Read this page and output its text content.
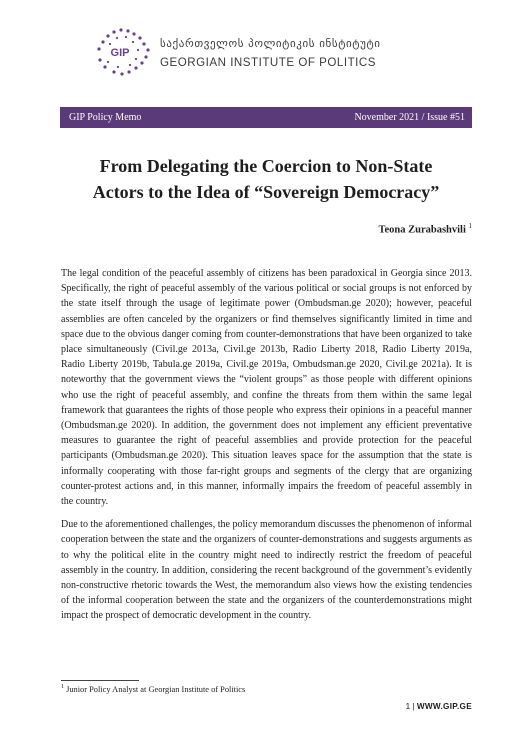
GIP
საქართველოს პოლიტიკის ინსტიტუტი
GEORGIAN INSTITUTE OF POLITICS
GIP Policy Memo	November 2021 / Issue #51
From Delegating the Coercion to Non-State
Actors to the Idea of “Sovereign Democracy”
Teona Zurabashvili $^1$

The legal condition of the peaceful assembly of citizens has been paradoxical in Georgia since 2013. Specifically, the right of peaceful assembly of the various political or social groups is not enforced by the state itself through the usage of legitimate power (Ombudsman.ge 2020); however, peaceful assemblies are often canceled by the organizers or find themselves significantly limited in time and space due to the obvious danger coming from counter-demonstrations that have been organized to take place simultaneously (Civil.ge 2013a, Civil.ge 2013b, Radio Liberty 2018, Radio Liberty 2019a, Radio Liberty 2019b, Tabula.ge 2019a, Civil.ge 2019a, Ombudsman.ge 2020, Civil.ge 2021a). It is noteworthy that the government views the “violent groups” as those people with different opinions who use the right of peaceful assembly, and confine the threats from them within the same legal framework that guarantees the rights of those people who express their opinions in a peaceful manner (Ombudsman.ge 2020). In addition, the government does not implement any efficient preventative measures to guarantee the right of peaceful assemblies and provide protection for the peaceful participants (Ombudsman.ge 2020). This situation leaves space for the assumption that the state is informally cooperating with those far-right groups and segments of the clergy that are organizing counter-protest actions and, in this manner, informally impairs the freedom of peaceful assembly in the country.

Due to the aforementioned challenges, the policy memorandum discusses the phenomenon of informal cooperation between the state and the organizers of counter-demonstrations and suggests arguments as to why the political elite in the country might need to indirectly restrict the freedom of peaceful assembly in the country. In addition, considering the recent background of the government’s evidently non-constructive rhetoric towards the West, the memorandum also views how the existing tendencies of the informal cooperation between the state and the organizers of the counterdemonstrations might impact the prospect of democratic development in the country.

$^1$ Junior Policy Analyst at Georgian Institute of Politics
1 | WWW.GIP.GE
